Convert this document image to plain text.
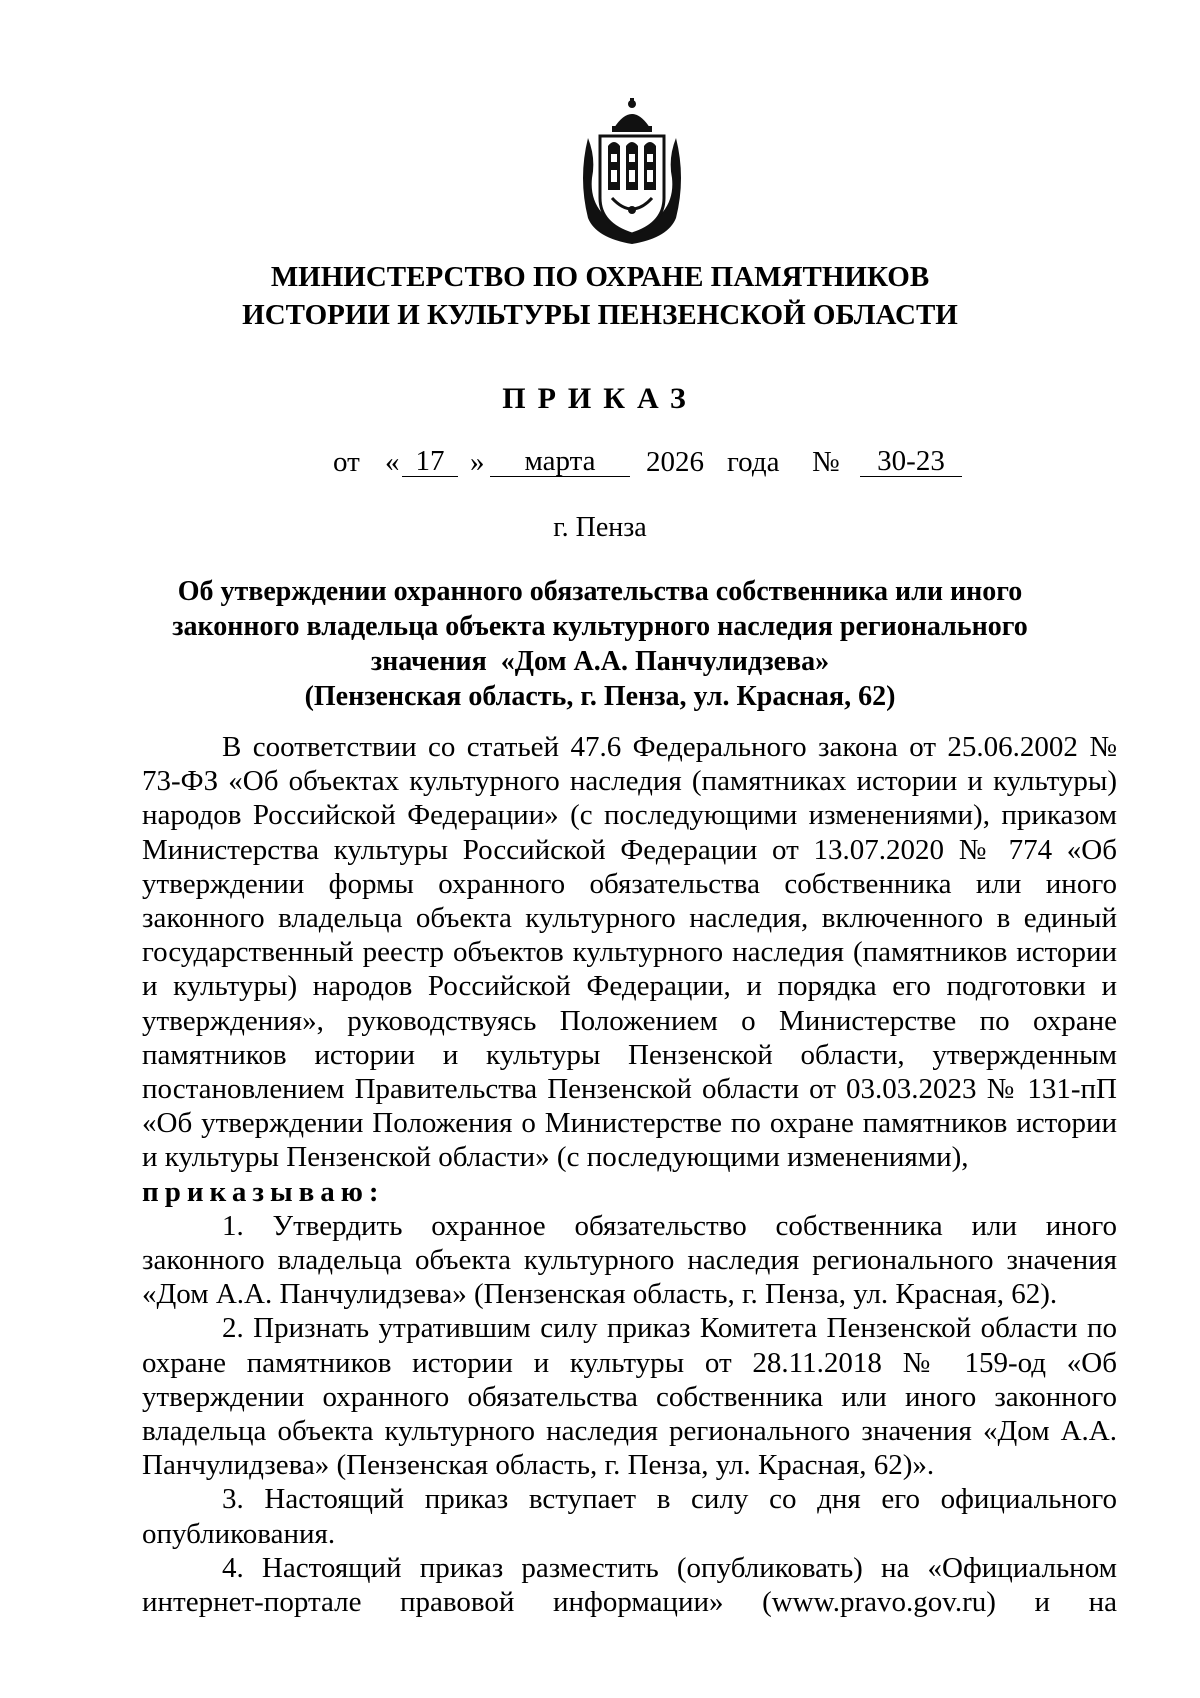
МИНИСТЕРСТВО ПО ОХРАНЕ ПАМЯТНИКОВ
ИСТОРИИ И КУЛЬТУРЫ ПЕНЗЕНСКОЙ ОБЛАСТИ
ПРИКАЗ
от « 17 »	марта	2026 года №	30-23
г. Пенза
Об утверждении охранного обязательства собственника или иного
законного владельца объекта культурного наследия регионального
значения  «Дом А.А. Панчулидзева»
(Пензенская область, г. Пенза, ул. Красная, 62)

В соответствии со статьей 47.6 Федерального закона от 25.06.2002 № 73-ФЗ «Об объектах культурного наследия (памятниках истории и культуры) народов Российской Федерации» (с последующими изменениями), приказом Министерства культуры Российской Федерации от 13.07.2020 № 774 «Об утверждении формы охранного обязательства собственника или иного законного владельца объекта культурного наследия, включенного в единый государственный реестр объектов культурного наследия (памятников истории и культуры) народов Российской Федерации, и порядка его подготовки и утверждения», руководствуясь Положением о Министерстве по охране памятников истории и культуры Пензенской области, утвержденным постановлением Правительства Пензенской области от 03.03.2023 № 131-пП «Об утверждении Положения о Министерстве по охране памятников истории и культуры Пензенской области» (с последующими изменениями),

приказываю:

1. Утвердить охранное обязательство собственника или иного законного владельца объекта культурного наследия регионального значения «Дом А.А. Панчулидзева» (Пензенская область, г. Пенза, ул. Красная, 62).

2. Признать утратившим силу приказ Комитета Пензенской области по охране памятников истории и культуры от 28.11.2018 № 159-од «Об утверждении охранного обязательства собственника или иного законного владельца объекта культурного наследия регионального значения «Дом А.А. Панчулидзева» (Пензенская область, г. Пенза, ул. Красная, 62)».

3. Настоящий приказ вступает в силу со дня его официального опубликования.

4. Настоящий приказ разместить (опубликовать) на «Официальном интернет-портале правовой информации» (www.pravo.gov.ru) и на
